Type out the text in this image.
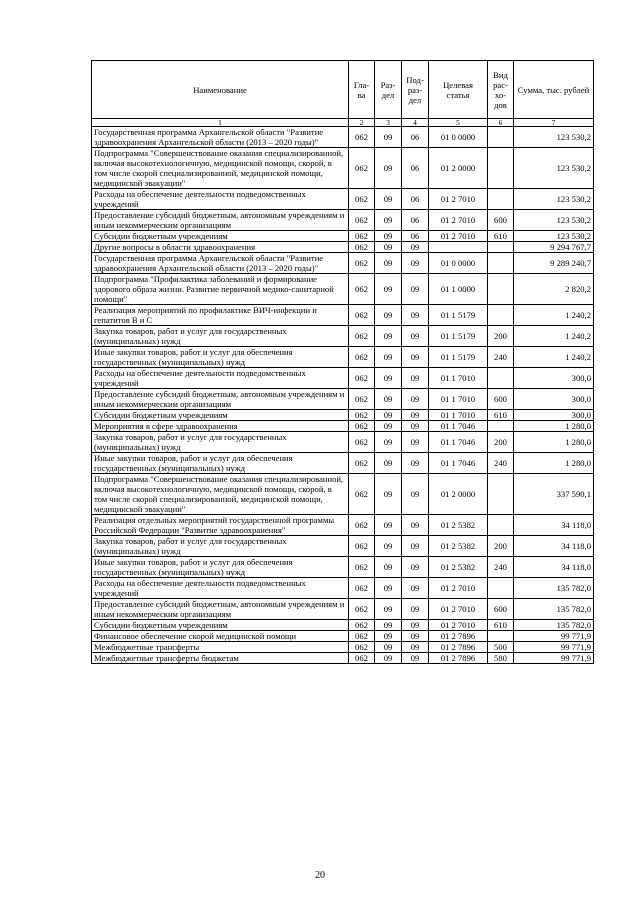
Наименование	Гла-ва	Раз-дел	Под-раз-дел	Целевая статья	Вид рас-хо-дов	Сумма, тыс. рублей
1	2	3	4	5	6	7
Государственная программа Архангельской области "Развитие здравоохранения Архангельской области (2013 – 2020 годы)"	062	09	06	01 0 0000		123 530,2
Подпрограмма "Совершенствование оказания специализированной, включая высокотехнологичную, медицинской помощи, скорой, в том числе скорой специализированной, медицинской помощи, медицинской эвакуации"	062	09	06	01 2 0000		123 530,2
Расходы на обеспечение деятельности подведомственных учреждений	062	09	06	01 2 7010		123 530,2
Предоставление субсидий бюджетным, автономным учреждениям и иным некоммерческим организациям	062	09	06	01 2 7010	600	123 530,2
Субсидии бюджетным учреждениям	062	09	06	01 2 7010	610	123 530,2
Другие вопросы в области здравоохранения	062	09	09			9 294 767,7
Государственная программа Архангельской области "Развитие здравоохранения Архангельской области (2013 – 2020 годы)"	062	09	09	01 0 0000		9 289 240,7
Подпрограмма "Профилактика заболеваний и формирование здорового образа жизни. Развитие первичной медико-санитарной помощи"	062	09	09	01 1 0000		2 820,2
Реализация мероприятий по профилактике ВИЧ-инфекции и гепатитов В и С	062	09	09	01 1 5179		1 240,2
Закупка товаров, работ и услуг для государственных (муниципальных) нужд	062	09	09	01 1 5179	200	1 240,2
Иные закупки товаров, работ и услуг для обеспечения государственных (муниципальных) нужд	062	09	09	01 1 5179	240	1 240,2
Расходы на обеспечение деятельности подведомственных учреждений	062	09	09	01 1 7010		300,0
Предоставление субсидий бюджетным, автономным учреждениям и иным некоммерческим организациям	062	09	09	01 1 7010	600	300,0
Субсидии бюджетным учреждениям	062	09	09	01 1 7010	610	300,0
Мероприятия в сфере здравоохранения	062	09	09	01 1 7046		1 280,0
Закупка товаров, работ и услуг для государственных (муниципальных) нужд	062	09	09	01 1 7046	200	1 280,0
Иные закупки товаров, работ и услуг для обеспечения государственных (муниципальных) нужд	062	09	09	01 1 7046	240	1 280,0
Подпрограмма "Совершенствование оказания специализированной, включая высокотехнологичную, медицинской помощи, скорой, в том числе скорой специализированной, медицинской помощи, медицинской эвакуации"	062	09	09	01 2 0000		337 590,1
Реализация отдельных мероприятий государственной программы Российской Федерации "Развитие здравоохранения"	062	09	09	01 2 5382		34 118,0
Закупка товаров, работ и услуг для государственных (муниципальных) нужд	062	09	09	01 2 5382	200	34 118,0
Иные закупки товаров, работ и услуг для обеспечения государственных (муниципальных) нужд	062	09	09	01 2 5382	240	34 118,0
Расходы на обеспечение деятельности подведомственных учреждений	062	09	09	01 2 7010		135 782,0
Предоставление субсидий бюджетным, автономным учреждениям и иным некоммерческим организациям	062	09	09	01 2 7010	600	135 782,0
Субсидии бюджетным учреждениям	062	09	09	01 2 7010	610	135 782,0
Финансовое обеспечение скорой медицинской помощи	062	09	09	01 2 7896		99 771,9
Межбюджетные трансферты	062	09	09	01 2 7896	500	99 771,9
Межбюджетные трансферты бюджетам	062	09	09	01 2 7896	580	99 771,9
20
